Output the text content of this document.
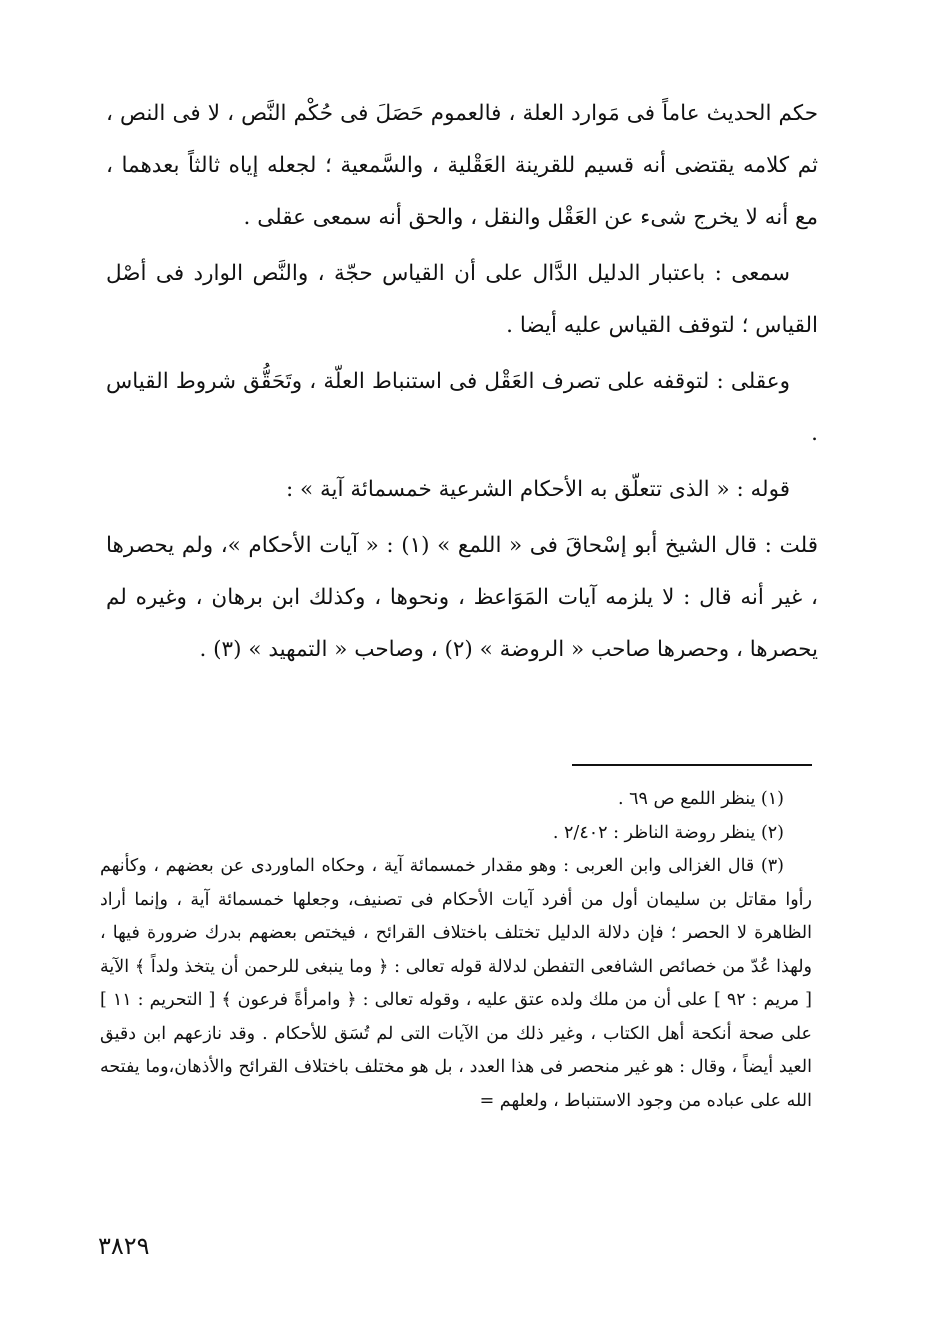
حكم الحديث عاماً فى مَوارد العلة ، فالعموم حَصَلَ فى حُكْم النَّص ، لا فى النص ، ثم كلامه يقتضى أنه قسيم للقرينة العَقْلية ، والسَّمعية ؛ لجعله إياه ثالثاً بعدهما ، مع أنه لا يخرج شىء عن العَقْل والنقل ، والحق أنه سمعى عقلى .

سمعى : باعتبار الدليل الدَّال على أن القياس حجّة ، والنَّص الوارد فى أصْل القياس ؛ لتوقف القياس عليه أيضا .

وعقلى : لتوقفه على تصرف العَقْل فى استنباط العلّة ، وتَحَقُّق شروط القياس .

قوله : « الذى تتعلّق به الأحكام الشرعية خمسمائة آية » :

قلت : قال الشيخ أبو إسْحاقَ فى « اللمع » (١) : « آيات الأحكام »، ولم يحصرها ، غير أنه قال : لا يلزمه آيات المَوَاعظ ، ونحوها ، وكذلك ابن برهان ، وغيره لم يحصرها ، وحصرها صاحب « الروضة » (٢) ، وصاحب « التمهيد » (٣) .

(١) ينظر اللمع ص ٦٩ .

(٢) ينظر روضة الناظر : ٢/٤٠٢ .

(٣) قال الغزالى وابن العربى : وهو مقدار خمسمائة آية ، وحكاه الماوردى عن بعضهم ، وكأنهم رأوا مقاتل بن سليمان أول من أفرد آيات الأحكام فى تصنيف، وجعلها خمسمائة آية ، وإنما أراد الظاهرة لا الحصر ؛ فإن دلالة الدليل تختلف باختلاف القرائح ، فيختص بعضهم بدرك ضرورة فيها ، ولهذا عُدّ من خصائص الشافعى التفطن لدلالة قوله تعالى : ﴿ وما ينبغى للرحمن أن يتخذ ولداً ﴾ الآية [ مريم : ٩٢ ] على أن من ملك ولده عتق عليه ، وقوله تعالى : ﴿ وامرأةً فرعون ﴾ [ التحريم : ١١ ] على صحة أنكحة أهل الكتاب ، وغير ذلك من الآيات التى لم تُسَق للأحكام . وقد نازعهم ابن دقيق العيد أيضاً ، وقال : هو غير منحصر فى هذا العدد ، بل هو مختلف باختلاف القرائح والأذهان،وما يفتحه الله على عباده من وجود الاستنباط ، ولعلهم =

٣٨٢٩
